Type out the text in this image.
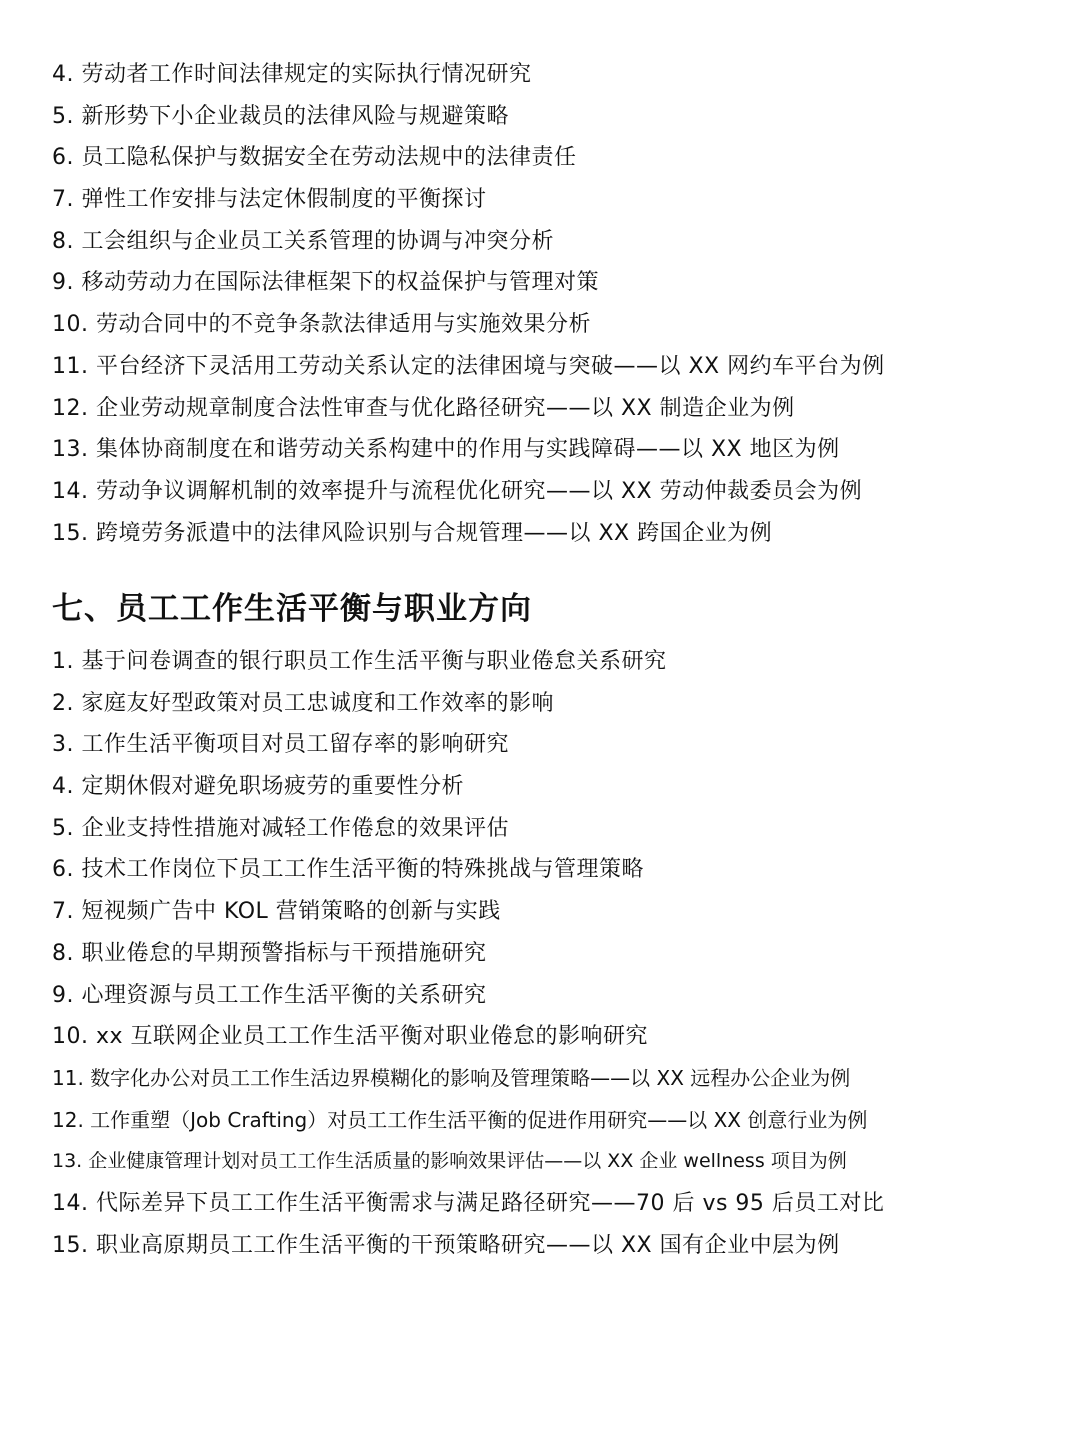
4. 劳动者工作时间法律规定的实际执行情况研究
5. 新形势下小企业裁员的法律风险与规避策略
6. 员工隐私保护与数据安全在劳动法规中的法律责任
7. 弹性工作安排与法定休假制度的平衡探讨
8. 工会组织与企业员工关系管理的协调与冲突分析
9. 移动劳动力在国际法律框架下的权益保护与管理对策
10. 劳动合同中的不竞争条款法律适用与实施效果分析
11. 平台经济下灵活用工劳动关系认定的法律困境与突破——以 XX 网约车平台为例
12. 企业劳动规章制度合法性审查与优化路径研究——以 XX 制造企业为例
13. 集体协商制度在和谐劳动关系构建中的作用与实践障碍——以 XX 地区为例
14. 劳动争议调解机制的效率提升与流程优化研究——以 XX 劳动仲裁委员会为例
15. 跨境劳务派遣中的法律风险识别与合规管理——以 XX 跨国企业为例
七、员工工作生活平衡与职业方向
1. 基于问卷调查的银行职员工作生活平衡与职业倦怠关系研究
2. 家庭友好型政策对员工忠诚度和工作效率的影响
3. 工作生活平衡项目对员工留存率的影响研究
4. 定期休假对避免职场疲劳的重要性分析
5. 企业支持性措施对减轻工作倦怠的效果评估
6. 技术工作岗位下员工工作生活平衡的特殊挑战与管理策略
7. 短视频广告中 KOL 营销策略的创新与实践
8. 职业倦怠的早期预警指标与干预措施研究
9. 心理资源与员工工作生活平衡的关系研究
10. xx 互联网企业员工工作生活平衡对职业倦怠的影响研究
11. 数字化办公对员工工作生活边界模糊化的影响及管理策略——以 XX 远程办公企业为例
12. 工作重塑（Job Crafting）对员工工作生活平衡的促进作用研究——以 XX 创意行业为例
13. 企业健康管理计划对员工工作生活质量的影响效果评估——以 XX 企业 wellness 项目为例
14. 代际差异下员工工作生活平衡需求与满足路径研究——70 后 vs 95 后员工对比
15. 职业高原期员工工作生活平衡的干预策略研究——以 XX 国有企业中层为例
